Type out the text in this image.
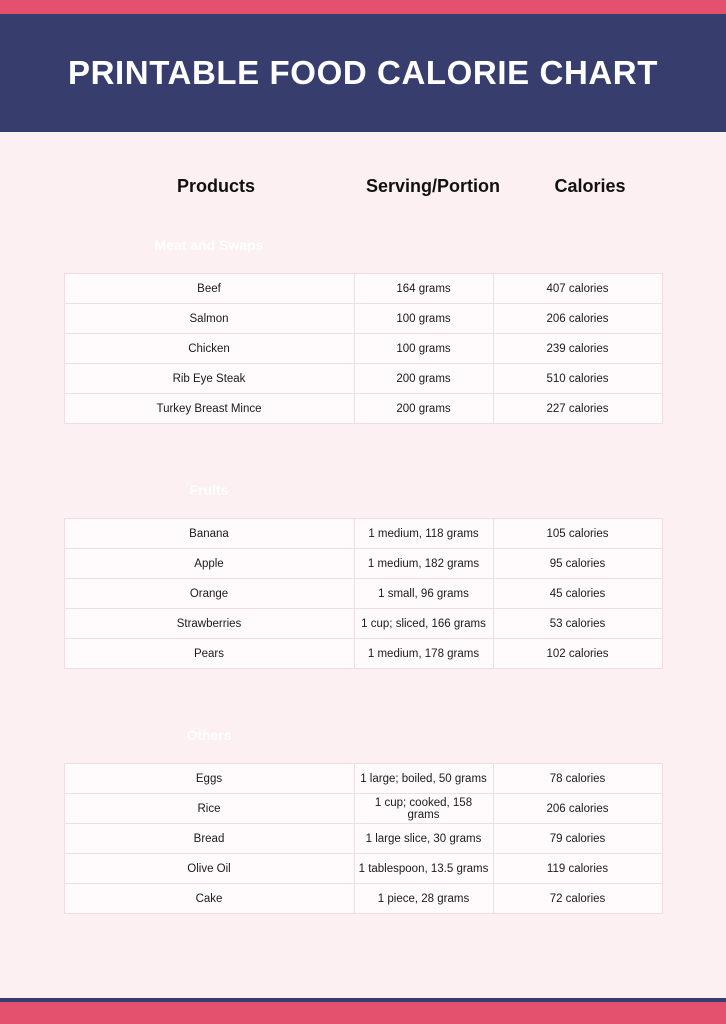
PRINTABLE FOOD CALORIE CHART
Products	Serving/Portion	Calories
Meat and Swaps		
Beef	164 grams	407 calories
Salmon	100 grams	206 calories
Chicken	100 grams	239 calories
Rib Eye Steak	200 grams	510 calories
Turkey Breast Mince	200 grams	227 calories
Fruits		
Banana	1 medium, 118 grams	105 calories
Apple	1 medium, 182 grams	95 calories
Orange	1 small, 96 grams	45 calories
Strawberries	1 cup; sliced, 166 grams	53 calories
Pears	1 medium, 178 grams	102 calories
Others		
Eggs	1 large; boiled, 50 grams	78 calories
Rice	1 cup; cooked, 158 grams	206 calories
Bread	1 large slice, 30 grams	79 calories
Olive Oil	1 tablespoon, 13.5 grams	119 calories
Cake	1 piece, 28 grams	72 calories
